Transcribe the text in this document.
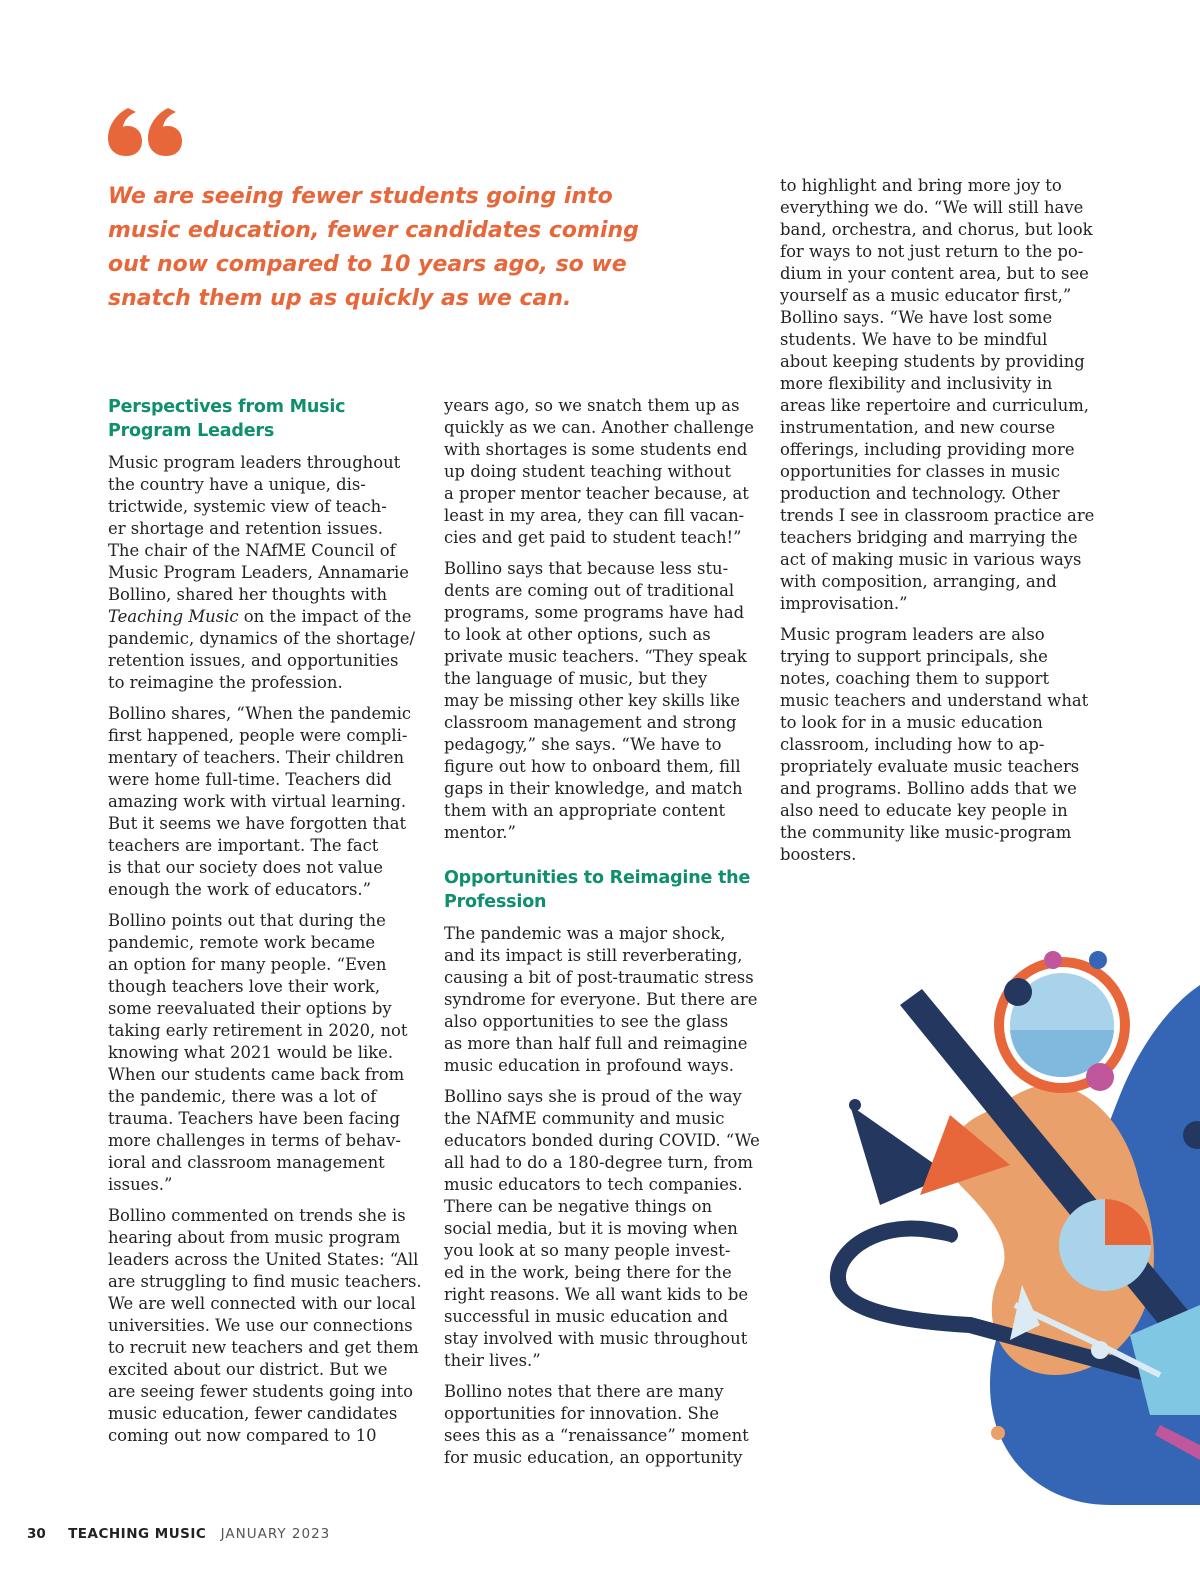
We are seeing fewer students going into
music education, fewer candidates coming
out now compared to 10 years ago, so we
snatch them up as quickly as we can.
Perspectives from Music
Program Leaders

Music program leaders throughout
the country have a unique, dis-
trictwide, systemic view of teach-
er shortage and retention issues.
The chair of the NAfME Council of
Music Program Leaders, Annamarie
Bollino, shared her thoughts with
Teaching Music on the impact of the
pandemic, dynamics of the shortage/
retention issues, and opportunities
to reimagine the profession.

Bollino shares, “When the pandemic
first happened, people were compli-
mentary of teachers. Their children
were home full-time. Teachers did
amazing work with virtual learning.
But it seems we have forgotten that
teachers are important. The fact
is that our society does not value
enough the work of educators.”

Bollino points out that during the
pandemic, remote work became
an option for many people. “Even
though teachers love their work,
some reevaluated their options by
taking early retirement in 2020, not
knowing what 2021 would be like.
When our students came back from
the pandemic, there was a lot of
trauma. Teachers have been facing
more challenges in terms of behav-
ioral and classroom management
issues.”

Bollino commented on trends she is
hearing about from music program
leaders across the United States: “All
are struggling to find music teachers.
We are well connected with our local
universities. We use our connections
to recruit new teachers and get them
excited about our district. But we
are seeing fewer students going into
music education, fewer candidates
coming out now compared to 10

years ago, so we snatch them up as
quickly as we can. Another challenge
with shortages is some students end
up doing student teaching without
a proper mentor teacher because, at
least in my area, they can fill vacan-
cies and get paid to student teach!”

Bollino says that because less stu-
dents are coming out of traditional
programs, some programs have had
to look at other options, such as
private music teachers. “They speak
the language of music, but they
may be missing other key skills like
classroom management and strong
pedagogy,” she says. “We have to
figure out how to onboard them, fill
gaps in their knowledge, and match
them with an appropriate content
mentor.”

Opportunities to Reimagine the
Profession

The pandemic was a major shock,
and its impact is still reverberating,
causing a bit of post-traumatic stress
syndrome for everyone. But there are
also opportunities to see the glass
as more than half full and reimagine
music education in profound ways.

Bollino says she is proud of the way
the NAfME community and music
educators bonded during COVID. “We
all had to do a 180-degree turn, from
music educators to tech companies.
There can be negative things on
social media, but it is moving when
you look at so many people invest-
ed in the work, being there for the
right reasons. We all want kids to be
successful in music education and
stay involved with music throughout
their lives.”

Bollino notes that there are many
opportunities for innovation. She
sees this as a “renaissance” moment
for music education, an opportunity

to highlight and bring more joy to
everything we do. “We will still have
band, orchestra, and chorus, but look
for ways to not just return to the po-
dium in your content area, but to see
yourself as a music educator first,”
Bollino says. “We have lost some
students. We have to be mindful
about keeping students by providing
more flexibility and inclusivity in
areas like repertoire and curriculum,
instrumentation, and new course
offerings, including providing more
opportunities for classes in music
production and technology. Other
trends I see in classroom practice are
teachers bridging and marrying the
act of making music in various ways
with composition, arranging, and
improvisation.”

Music program leaders are also
trying to support principals, she
notes, coaching them to support
music teachers and understand what
to look for in a music education
classroom, including how to ap-
propriately evaluate music teachers
and programs. Bollino adds that we
also need to educate key people in
the community like music-program
boosters.

30 TEACHING MUSIC JANUARY 2023
